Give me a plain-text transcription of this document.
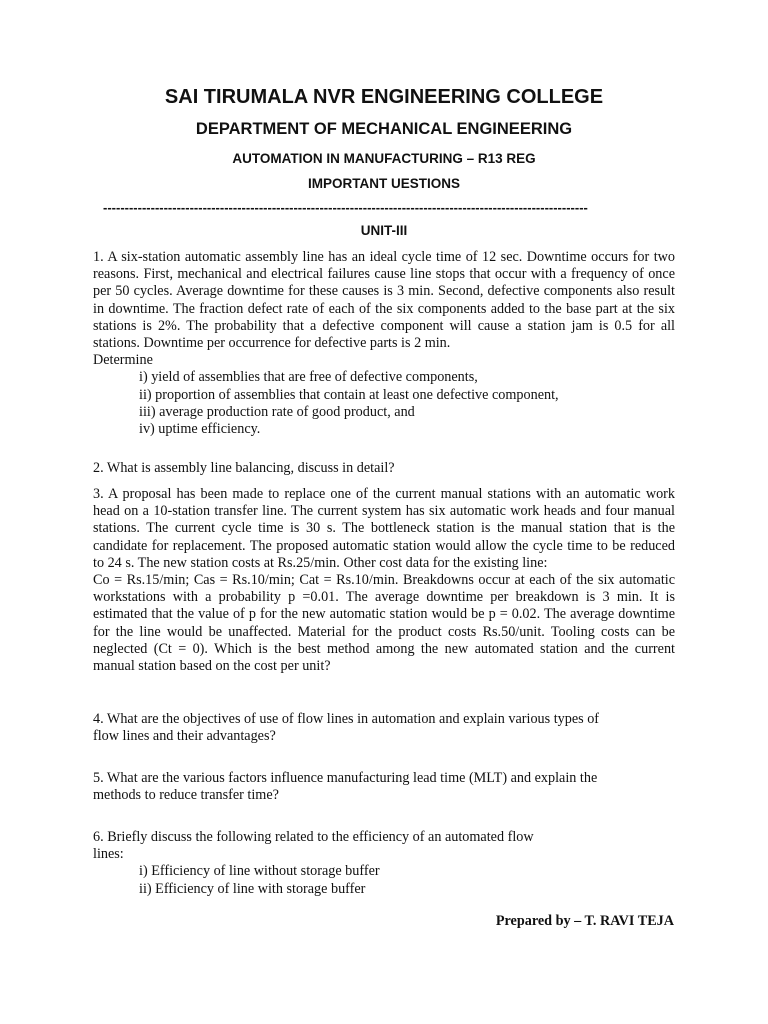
SAI TIRUMALA NVR ENGINEERING COLLEGE
DEPARTMENT OF MECHANICAL ENGINEERING
AUTOMATION IN MANUFACTURING – R13 REG
IMPORTANT UESTIONS
----------------------------------------------------------------------------------------------------------------
UNIT-III

1. A six-station automatic assembly line has an ideal cycle time of 12 sec. Downtime occurs for two reasons. First, mechanical and electrical failures cause line stops that occur with a frequency of once per 50 cycles. Average downtime for these causes is 3 min. Second, defective components also result in downtime. The fraction defect rate of each of the six components added to the base part at the six stations is 2%. The probability that a defective component will cause a station jam is 0.5 for all stations. Downtime per occurrence for defective parts is 2 min.

Determine

i) yield of assemblies that are free of defective components,

ii) proportion of assemblies that contain at least one defective component,

iii) average production rate of good product, and

iv) uptime efficiency.

2. What is assembly line balancing, discuss in detail?

3. A proposal has been made to replace one of the current manual stations with an automatic work head on a 10-station transfer line. The current system has six automatic work heads and four manual stations. The current cycle time is 30 s. The bottleneck station is the manual station that is the candidate for replacement. The proposed automatic station would allow the cycle time to be reduced to 24 s. The new station costs at Rs.25/min. Other cost data for the existing line:

Co = Rs.15/min; Cas = Rs.10/min; Cat = Rs.10/min. Breakdowns occur at each of the six automatic workstations with a probability p =0.01. The average downtime per breakdown is 3 min. It is estimated that the value of p for the new automatic station would be p = 0.02. The average downtime for the line would be unaffected. Material for the product costs Rs.50/unit. Tooling costs can be neglected (Ct = 0). Which is the best method among the new automated station and the current manual station based on the cost per unit?

4. What are the objectives of use of flow lines in automation and explain various types of

flow lines and their advantages?

5. What are the various factors influence manufacturing lead time (MLT) and explain the

methods to reduce transfer time?

6. Briefly discuss the following related to the efficiency of an automated flow

lines:

i) Efficiency of line without storage buffer

ii) Efficiency of line with storage buffer

Prepared by – T. RAVI TEJA
